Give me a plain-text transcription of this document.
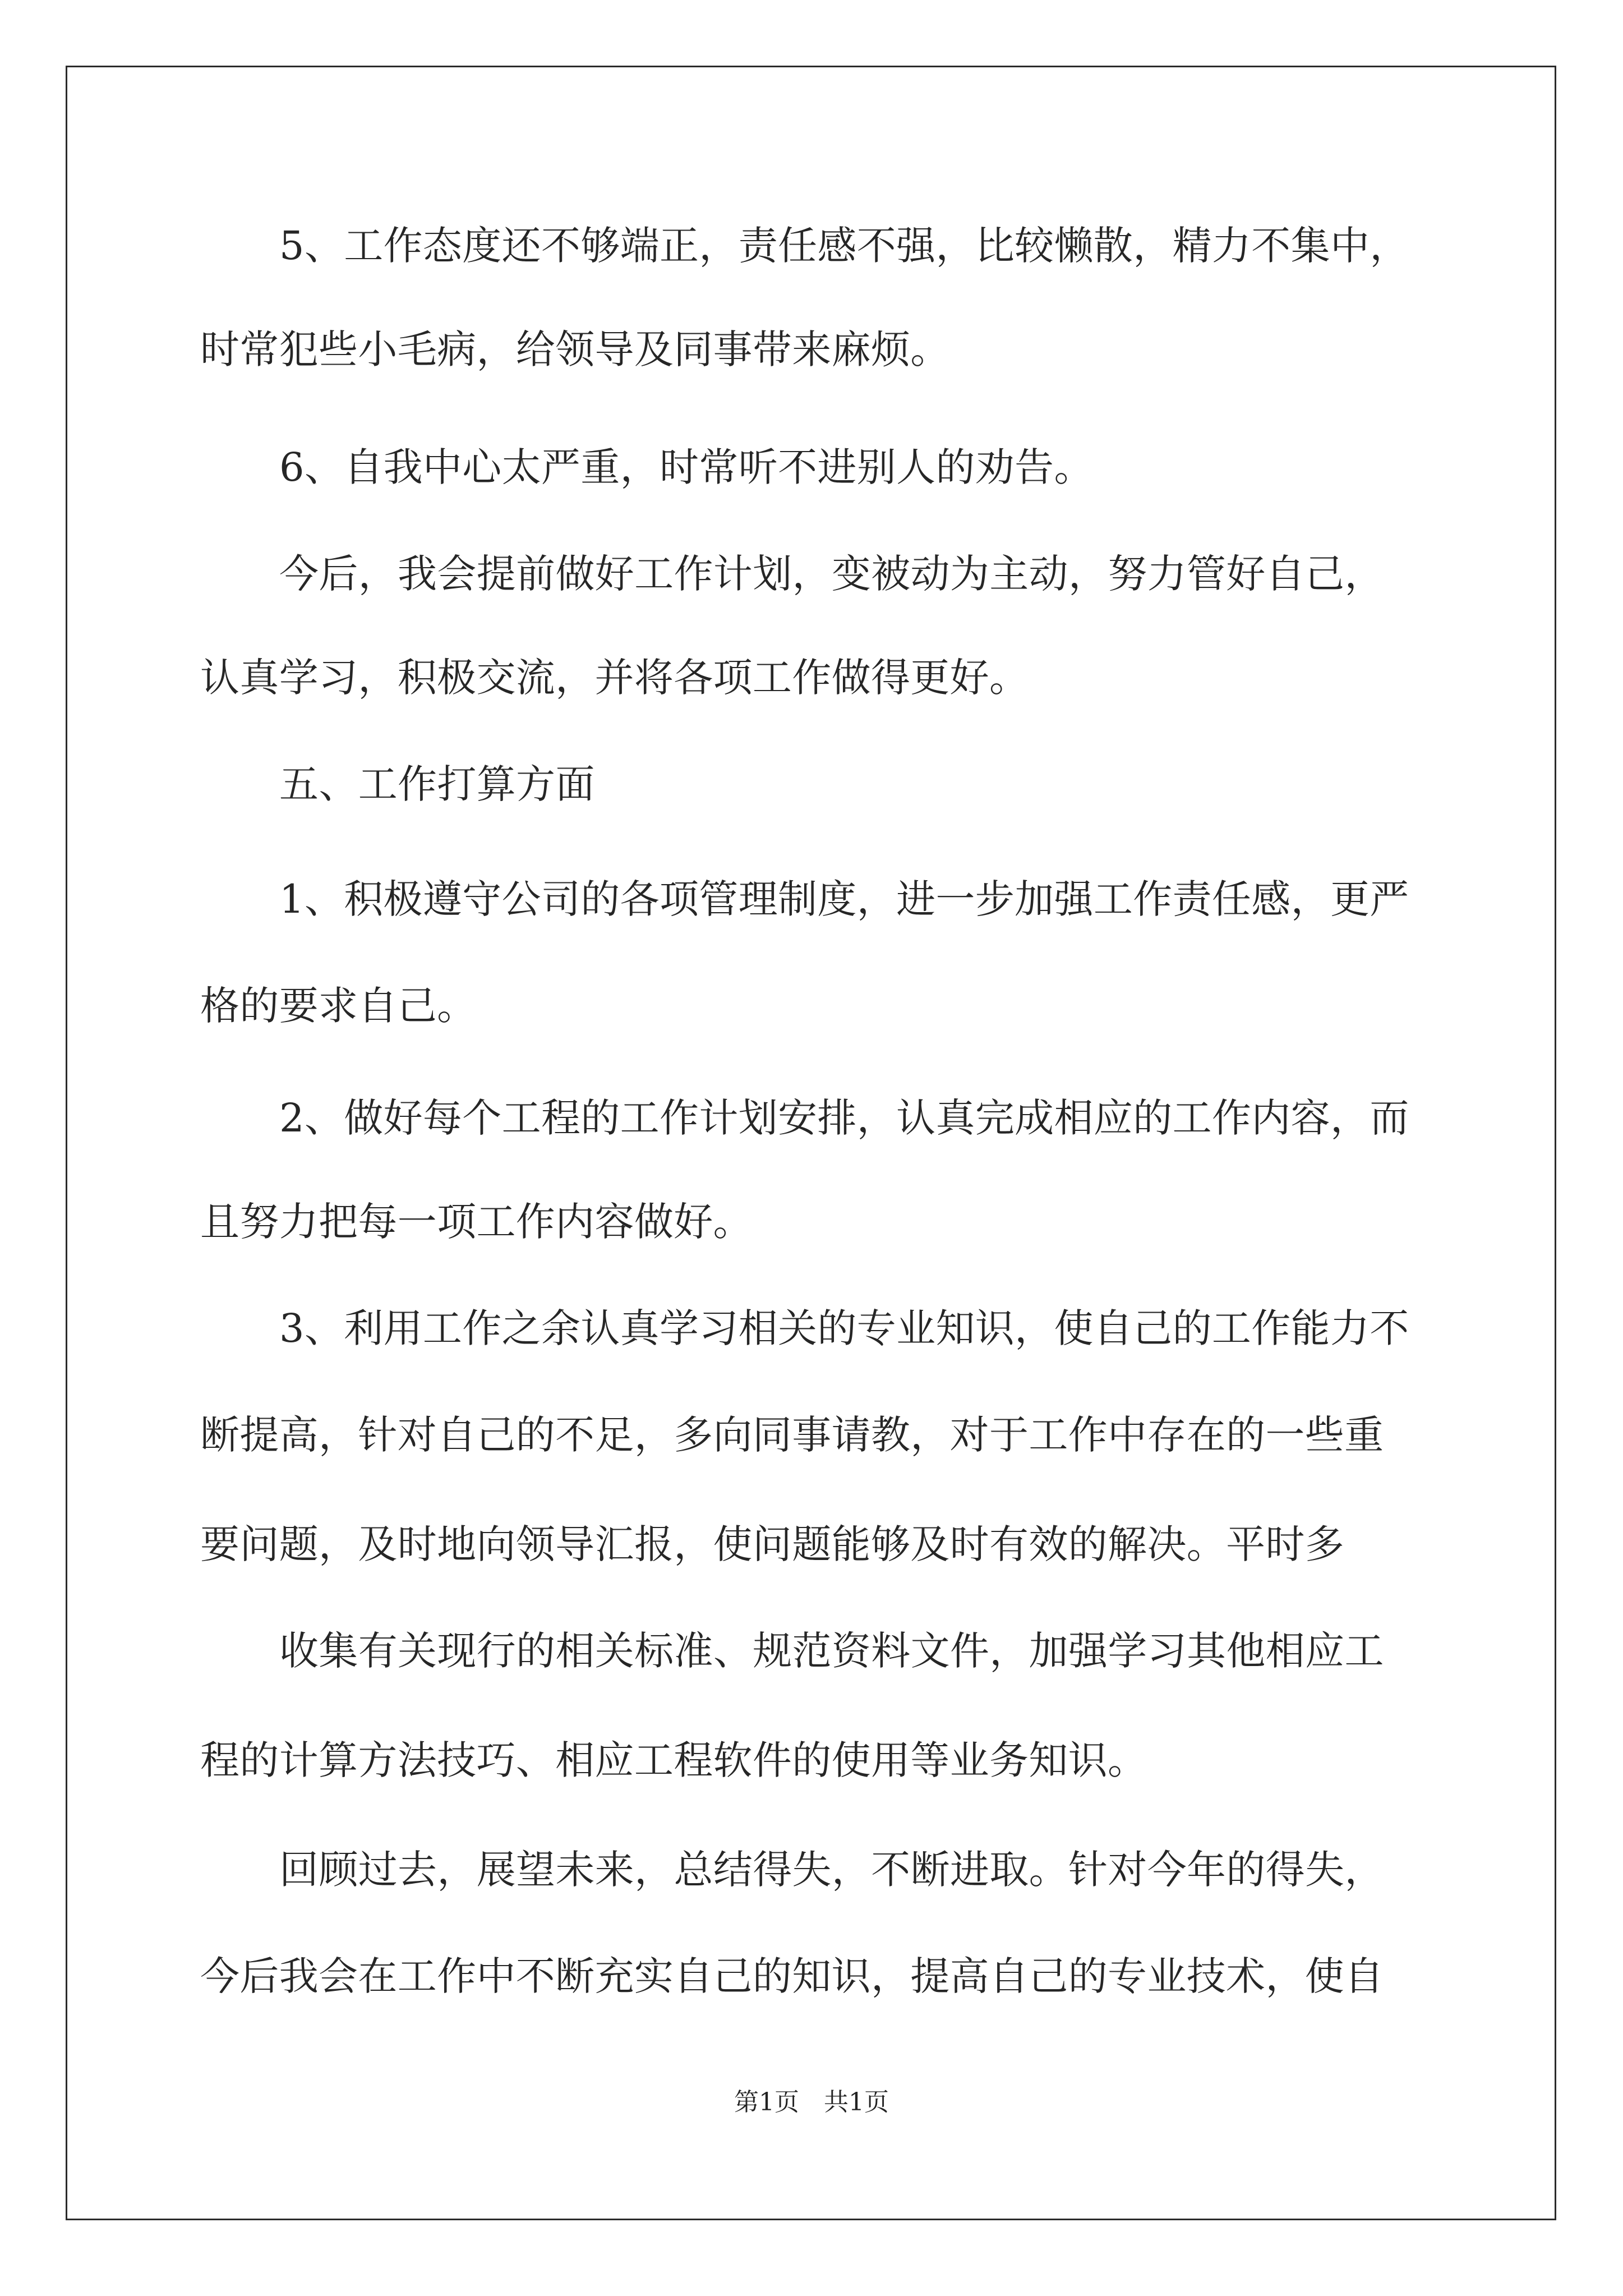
5、工作态度还不够端正，责任感不强，比较懒散，精力不集中，

时常犯些小毛病，给领导及同事带来麻烦。

6、自我中心太严重，时常听不进别人的劝告。

今后，我会提前做好工作计划，变被动为主动，努力管好自己，

认真学习，积极交流，并将各项工作做得更好。

五、工作打算方面

1、积极遵守公司的各项管理制度，进一步加强工作责任感，更严

格的要求自己。

2、做好每个工程的工作计划安排，认真完成相应的工作内容，而

且努力把每一项工作内容做好。

3、利用工作之余认真学习相关的专业知识，使自己的工作能力不

断提高，针对自己的不足，多向同事请教，对于工作中存在的一些重

要问题，及时地向领导汇报，使问题能够及时有效的解决。平时多

收集有关现行的相关标准、规范资料文件，加强学习其他相应工

程的计算方法技巧、相应工程软件的使用等业务知识。

回顾过去，展望未来，总结得失，不断进取。针对今年的得失，

今后我会在工作中不断充实自己的知识，提高自己的专业技术，使自

第1页　共1页
